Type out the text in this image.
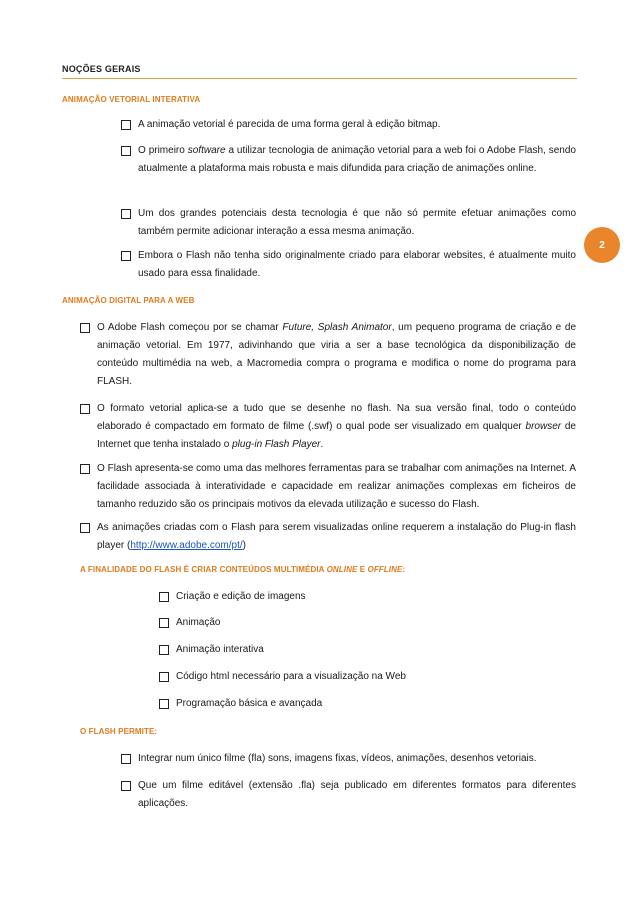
NOÇÕES GERAIS
2
ANIMAÇÃO VETORIAL INTERATIVA
A animação vetorial é parecida de uma forma geral à edição bitmap.
O primeiro software a utilizar tecnologia de animação vetorial para a web foi o Adobe Flash, sendo atualmente a plataforma mais robusta e mais difundida para criação de animações online.
Um dos grandes potenciais desta tecnologia é que não só permite efetuar animações como também permite adicionar interação a essa mesma animação.
Embora o Flash não tenha sido originalmente criado para elaborar websites, é atualmente muito usado para essa finalidade.
ANIMAÇÃO DIGITAL PARA A WEB
O Adobe Flash começou por se chamar Future, Splash Animator, um pequeno programa de criação e de animação vetorial. Em 1977, adivinhando que viria a ser a base tecnológica da disponibilização de conteúdo multimédia na web, a Macromedia compra o programa e modifica o nome do programa para FLASH.
O formato vetorial aplica-se a tudo que se desenhe no flash. Na sua versão final, todo o conteúdo elaborado é compactado em formato de filme (.swf) o qual pode ser visualizado em qualquer browser de Internet que tenha instalado o plug-in Flash Player.
O Flash apresenta-se como uma das melhores ferramentas para se trabalhar com animações na Internet. A facilidade associada à interatividade e capacidade em realizar animações complexas em ficheiros de tamanho reduzido são os principais motivos da elevada utilização e sucesso do Flash.
As animações criadas com o Flash para serem visualizadas online requerem a instalação do Plug-in flash player (http://www.adobe.com/pt/)
A FINALIDADE DO FLASH É CRIAR CONTEÚDOS MULTIMÉDIA ONLINE E OFFLINE:
Criação e edição de imagens
Animação
Animação interativa
Código html necessário para a visualização na Web
Programação básica e avançada
O FLASH PERMITE:
Integrar num único filme (fla) sons, imagens fixas, vídeos, animações, desenhos vetoriais.
Que um filme editável (extensão .fla) seja publicado em diferentes formatos para diferentes aplicações.
